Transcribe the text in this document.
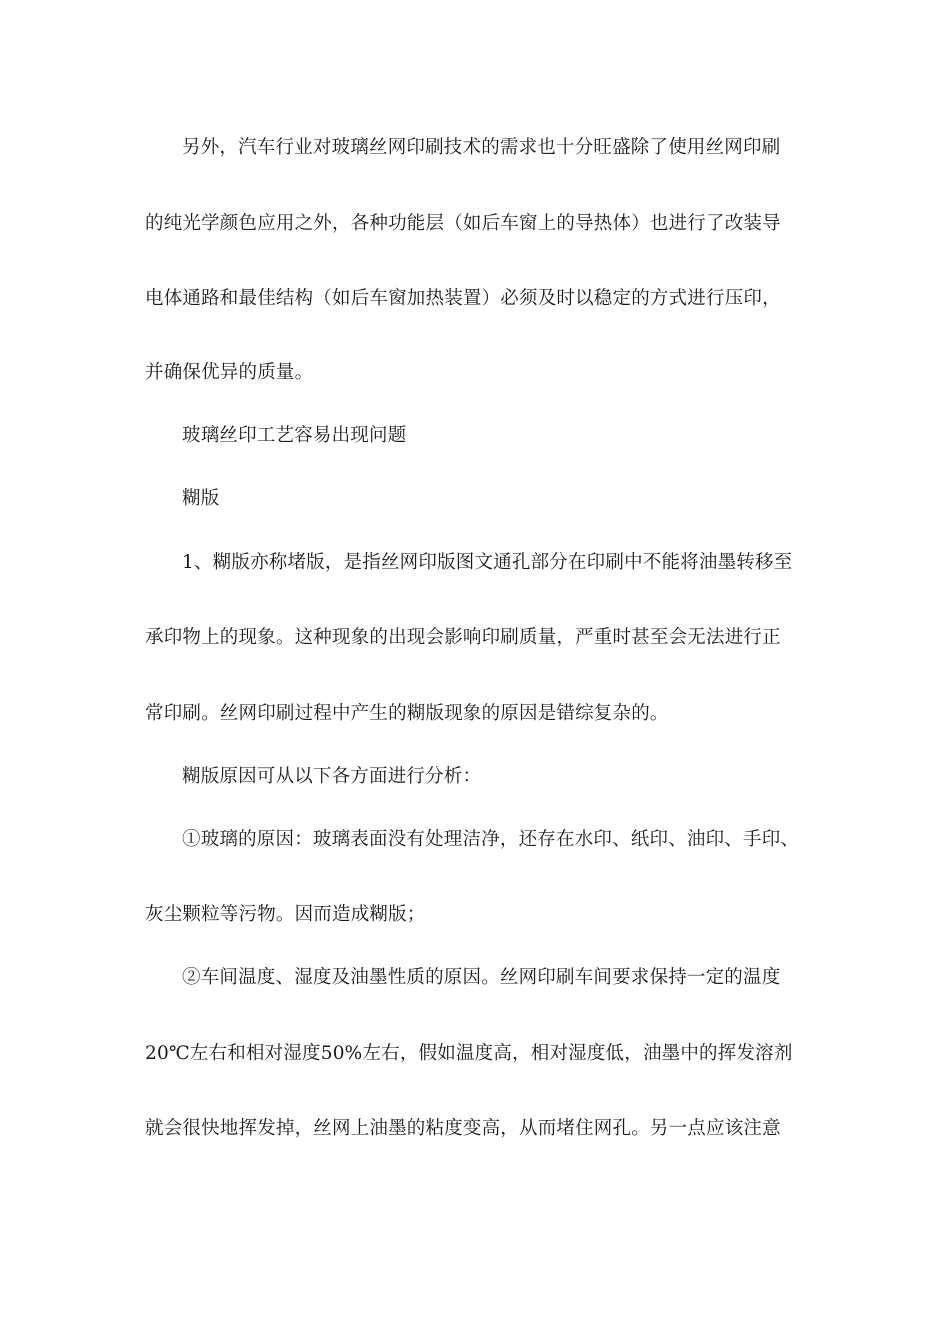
另外，汽车行业对玻璃丝网印刷技术的需求也十分旺盛除了使用丝网印刷
的纯光学颜色应用之外，各种功能层（如后车窗上的导热体）也进行了改装导
电体通路和最佳结构（如后车窗加热装置）必须及时以稳定的方式进行压印，
并确保优异的质量。
玻璃丝印工艺容易出现问题
糊版
1、糊版亦称堵版，是指丝网印版图文通孔部分在印刷中不能将油墨转移至
承印物上的现象。这种现象的出现会影响印刷质量，严重时甚至会无法进行正
常印刷。丝网印刷过程中产生的糊版现象的原因是错综复杂的。
糊版原因可从以下各方面进行分析：
①玻璃的原因：玻璃表面没有处理洁净，还存在水印、纸印、油印、手印、
灰尘颗粒等污物。因而造成糊版；
②车间温度、湿度及油墨性质的原因。丝网印刷车间要求保持一定的温度
20℃左右和相对湿度50%左右，假如温度高，相对湿度低，油墨中的挥发溶剂
就会很快地挥发掉，丝网上油墨的粘度变高，从而堵住网孔。另一点应该注意
